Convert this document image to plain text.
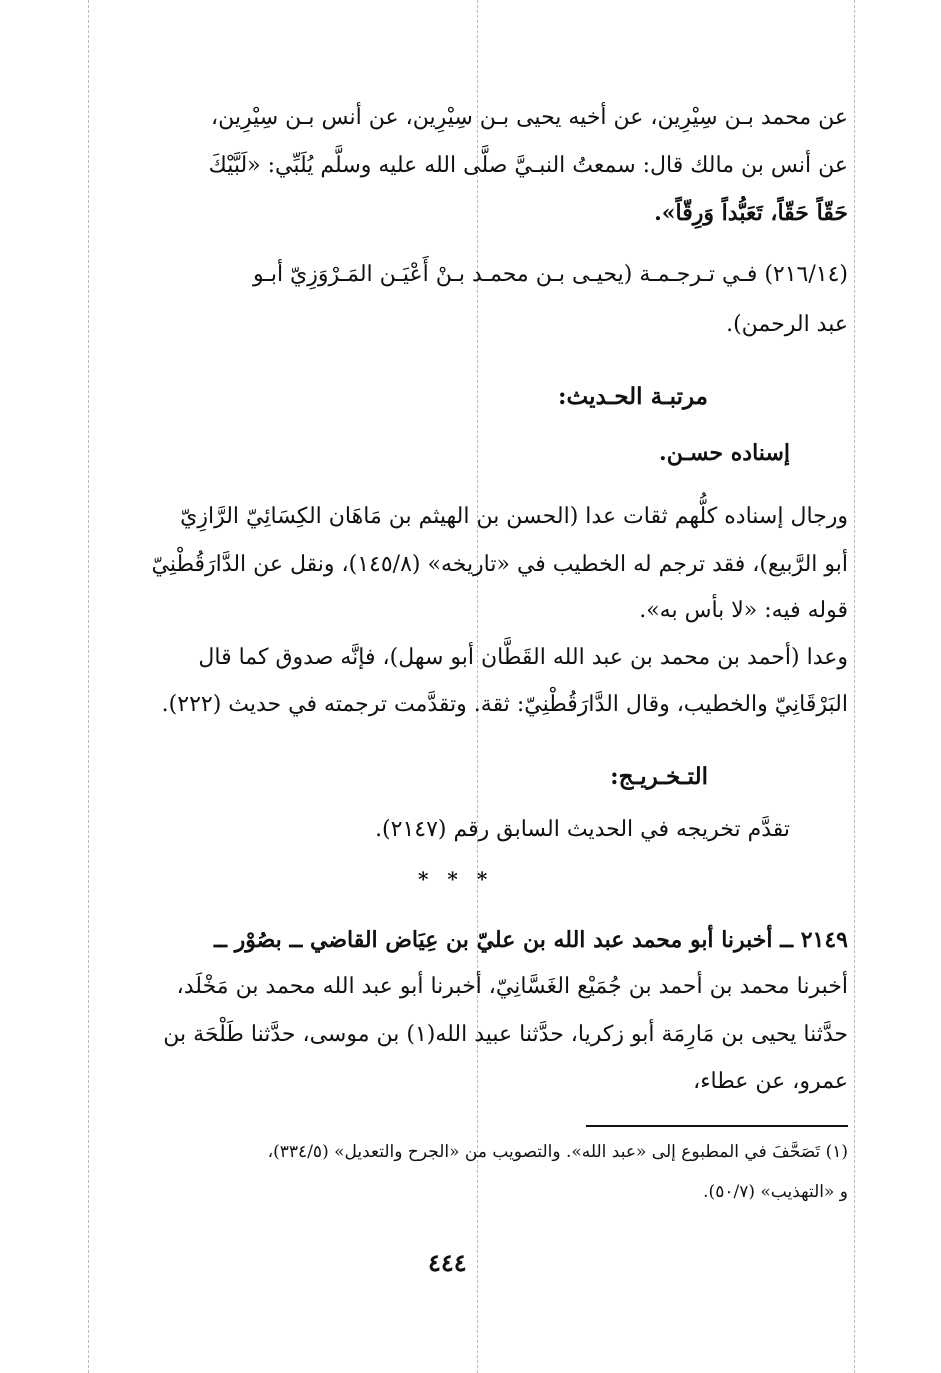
عن محمد بـن سِيْرِين، عن أخيه يحيى بـن سِيْرِين، عن أنس بـن سِيْرِين،
عن أنس بن مالك قال: سمعتُ النبـيَّ صلَّى الله عليه وسلَّم يُلَبِّي: «لَبَّيْكَ
حَقّاً حَقّاً، تَعَبُّداً وَرِقّاً».
(٢١٦/١٤) فـي تـرجـمـة (يحيـى بـن محمـد بـنْ أَعْيَـن المَـرْوَزِيّ أبـو
عبد الرحمن).
مرتبـة الحـديث:
إسناده حسـن.
ورجال إسناده كلُّهم ثقات عدا (الحسن بن الهيثم بن مَاهَان الكِسَائِيّ الرَّازِيّ
أبو الرَّبيع)، فقد ترجم له الخطيب في «تاريخه» (١٤٥/٨)، ونقل عن الدَّارَقُطْنِيّ
قوله فيه: «لا بأس به».
وعدا (أحمد بن محمد بن عبد الله القَطَّان أبو سهل)، فإنَّه صدوق كما قال
البَرْقَانِيّ والخطيب، وقال الدَّارَقُطْنِيّ: ثقة. وتقدَّمت ترجمته في حديث (٢٢٢).
التـخـريـج:
تقدَّم تخريجه في الحديث السابق رقم (٢١٤٧).
* * *
٢١٤٩ ــ أخبرنا أبو محمد عبد الله بن عليّ بن عِيَاض القاضي ــ بصُوْر ــ
أخبرنا محمد بن أحمد بن جُمَيْع الغَسَّانِيّ، أخبرنا أبو عبد الله محمد بن مَخْلَد،
حدَّثنا يحيى بن مَارِمَة أبو زكريا، حدَّثنا عبيد الله(١) بن موسى، حدَّثنا طَلْحَة بن
عمرو، عن عطاء،
(١) تَصَحَّفَ في المطبوع إلى «عبد الله». والتصويب من «الجرح والتعديل» (٣٣٤/٥)،
و «التهذيب» (٥٠/٧).
٤٤٤
